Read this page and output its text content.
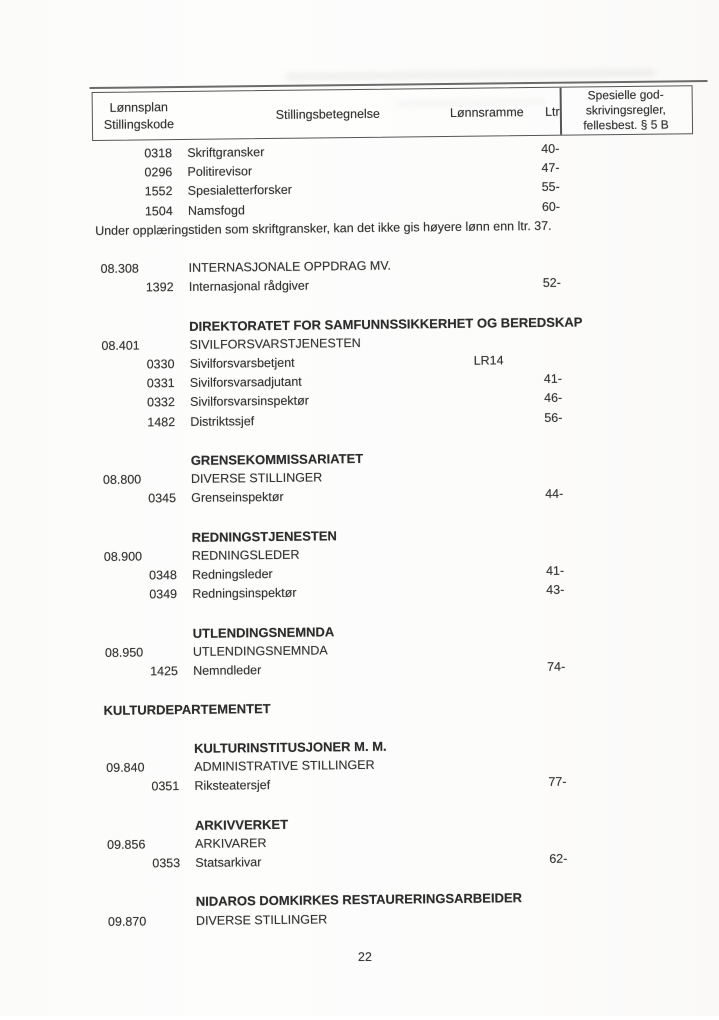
Lønnsplan
Stillingskode
Stillingsbetegnelse	Lønnsramme Ltr
Spesielle god-
skrivingsregler,
fellesbest. § 5 B
0318 Skriftgransker	40-
0296 Politirevisor	47-
1552 Spesialetterforsker	55-
1504 Namsfogd	60-
Under opplæringstiden som skriftgransker, kan det ikke gis høyere lønn enn ltr. 37.
08.308	INTERNASJONALE OPPDRAG MV.
1392 Internasjonal rådgiver	52-
DIREKTORATET FOR SAMFUNNSSIKKERHET OG BEREDSKAP
08.401	SIVILFORSVARSTJENESTEN
0330 Sivilforsvarsbetjent	LR14
0331 Sivilforsvarsadjutant	41-
0332 Sivilforsvarsinspektør	46-
1482 Distriktssjef	56-
GRENSEKOMMISSARIATET
08.800	DIVERSE STILLINGER
0345 Grenseinspektør	44-
REDNINGSTJENESTEN
08.900	REDNINGSLEDER
0348 Redningsleder	41-
0349 Redningsinspektør	43-
UTLENDINGSNEMNDA
08.950	UTLENDINGSNEMNDA
1425 Nemndleder	74-
KULTURDEPARTEMENTET
KULTURINSTITUSJONER M. M.
09.840	ADMINISTRATIVE STILLINGER
0351 Riksteatersjef	77-
ARKIVVERKET
09.856	ARKIVARER
0353 Statsarkivar	62-
NIDAROS DOMKIRKES RESTAURERINGSARBEIDER
09.870	DIVERSE STILLINGER
22
